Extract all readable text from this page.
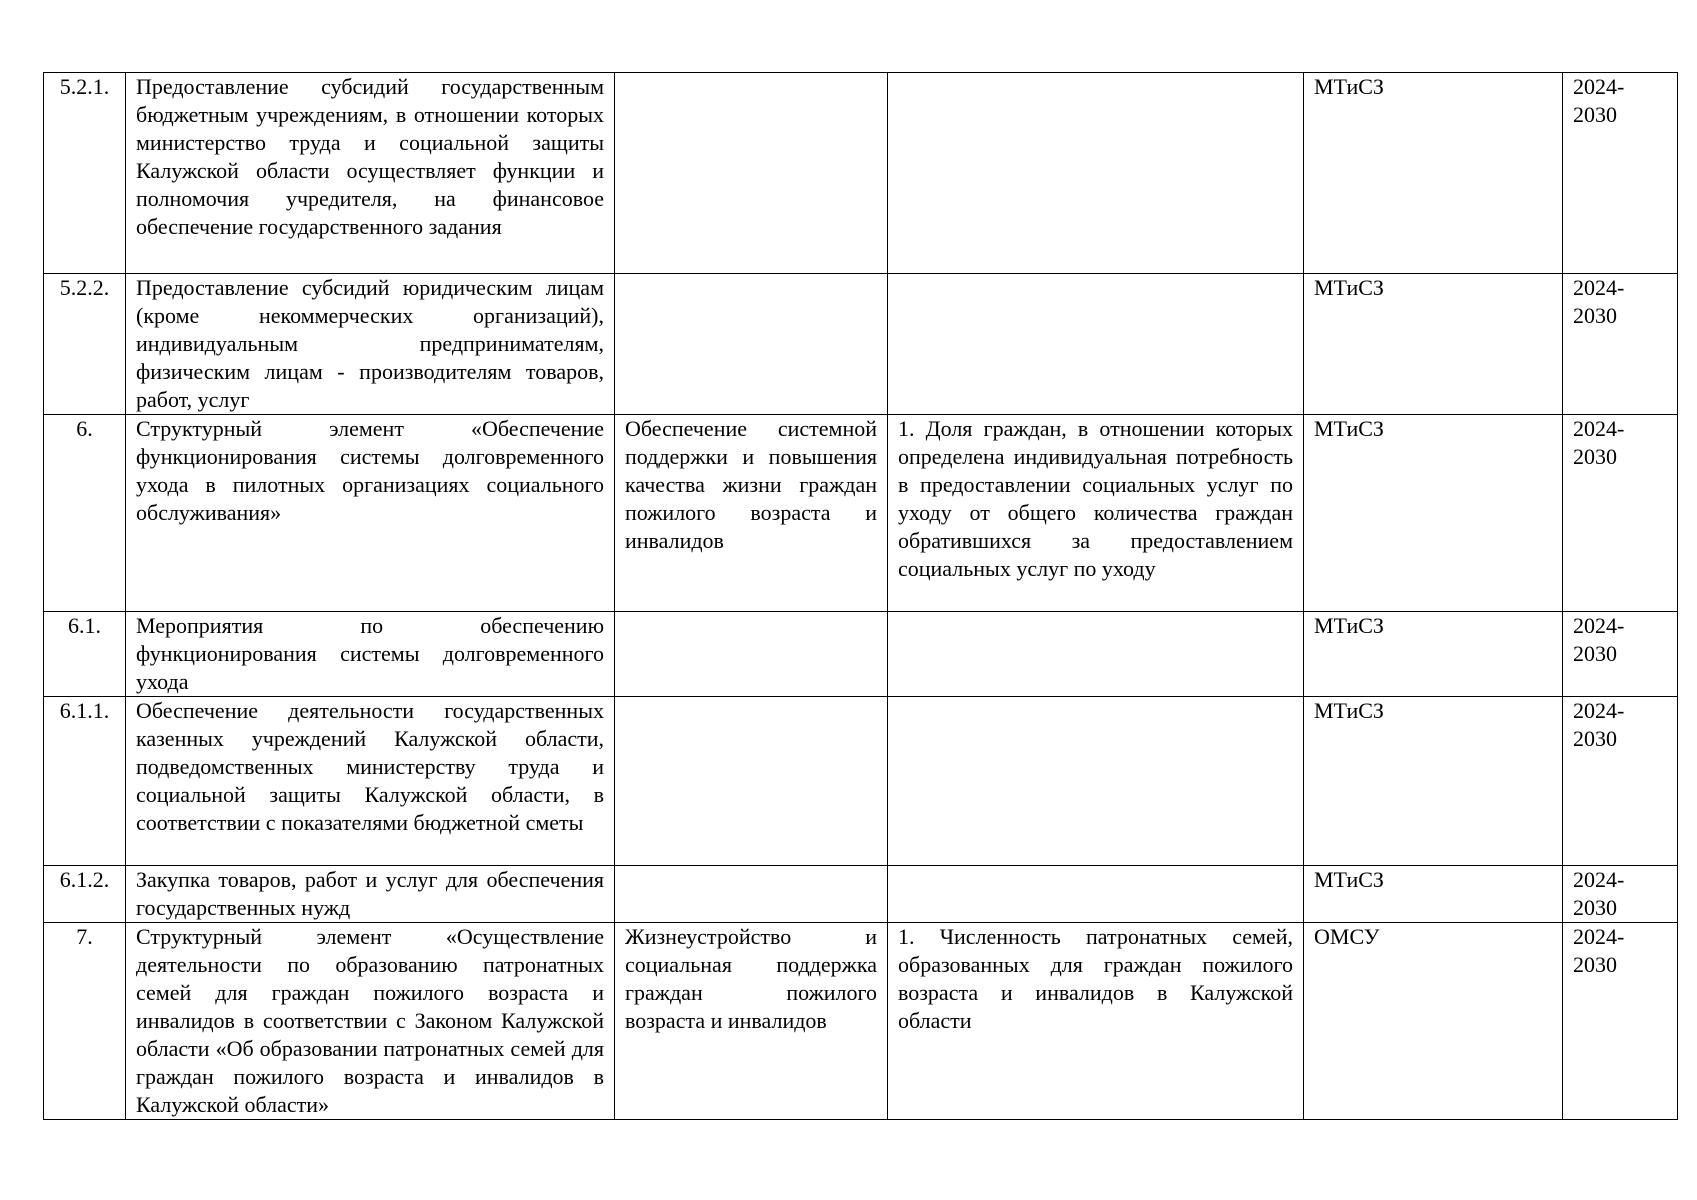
5.2.1.	Предоставление субсидий государственным бюджетным учреждениям, в отношении которых министерство труда и социальной защиты Калужской области осуществляет функции и полномочия учредителя, на финансовое обеспечение государственного задания			МТиСЗ	2024-
2030
5.2.2.	Предоставление субсидий юридическим лицам (кроме некоммерческих организаций), индивидуальным предпринимателям, физическим лицам - производителям товаров, работ, услуг			МТиСЗ	2024-
2030
6.	Структурный элемент «Обеспечение функционирования системы долговременного ухода в пилотных организациях социального обслуживания»	Обеспечение системной поддержки и повышения качества жизни граждан пожилого возраста и инвалидов	1. Доля граждан, в отношении которых определена индивидуальная потребность в предоставлении социальных услуг по уходу от общего количества граждан обратившихся за предоставлением социальных услуг по уходу	МТиСЗ	2024-
2030
6.1.	Мероприятия по обеспечению функционирования системы долговременного ухода			МТиСЗ	2024-
2030
6.1.1.	Обеспечение деятельности государственных казенных учреждений Калужской области, подведомственных министерству труда и социальной защиты Калужской области, в соответствии с показателями бюджетной сметы			МТиСЗ	2024-
2030
6.1.2.	Закупка товаров, работ и услуг для обеспечения государственных нужд			МТиСЗ	2024-
2030
7.	Структурный элемент «Осуществление деятельности по образованию патронатных семей для граждан пожилого возраста и инвалидов в соответствии с Законом Калужской области «Об образовании патронатных семей для граждан пожилого возраста и инвалидов в Калужской области»	Жизнеустройство и социальная поддержка граждан пожилого возраста и инвалидов	1. Численность патронатных семей, образованных для граждан пожилого возраста и инвалидов в Калужской области	ОМСУ	2024-
2030
